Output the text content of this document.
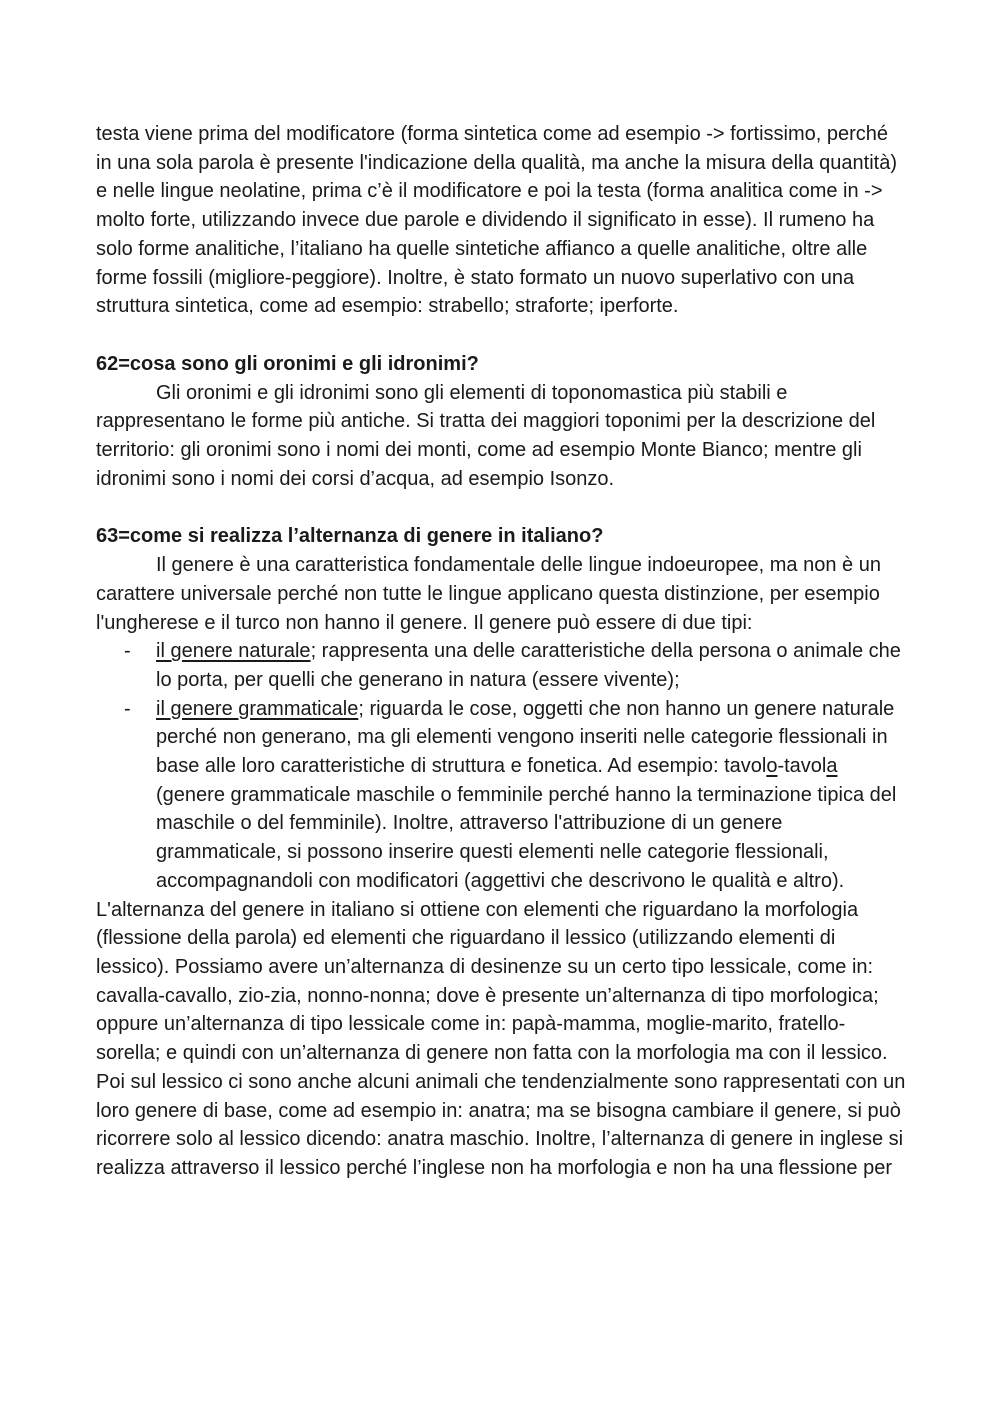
testa viene prima del modificatore (forma sintetica come ad esempio -> fortissimo, perché in una sola parola è presente l'indicazione della qualità, ma anche la misura della quantità) e nelle lingue neolatine, prima c’è il modificatore e poi la testa (forma analitica come in -> molto forte, utilizzando invece due parole e dividendo il significato in esse). Il rumeno ha solo forme analitiche, l’italiano ha quelle sintetiche affianco a quelle analitiche, oltre alle forme fossili (migliore-peggiore). Inoltre, è stato formato un nuovo superlativo con una struttura sintetica, come ad esempio: strabello; straforte; iperforte.

62=cosa sono gli oronimi e gli idronimi?

Gli oronimi e gli idronimi sono gli elementi di toponomastica più stabili e rappresentano le forme più antiche. Si tratta dei maggiori toponimi per la descrizione del territorio: gli oronimi sono i nomi dei monti, come ad esempio Monte Bianco; mentre gli idronimi sono i nomi dei corsi d’acqua, ad esempio Isonzo.

63=come si realizza l’alternanza di genere in italiano?

Il genere è una caratteristica fondamentale delle lingue indoeuropee, ma non è un carattere universale perché non tutte le lingue applicano questa distinzione, per esempio l'ungherese e il turco non hanno il genere. Il genere può essere di due tipi:

- il genere naturale; rappresenta una delle caratteristiche della persona o animale che lo porta, per quelli che generano in natura (essere vivente);
- il genere grammaticale; riguarda le cose, oggetti che non hanno un genere naturale perché non generano, ma gli elementi vengono inseriti nelle categorie flessionali in base alle loro caratteristiche di struttura e fonetica. Ad esempio: tavolo-tavola (genere grammaticale maschile o femminile perché hanno la terminazione tipica del maschile o del femminile). Inoltre, attraverso l'attribuzione di un genere grammaticale, si possono inserire questi elementi nelle categorie flessionali, accompagnandoli con modificatori (aggettivi che descrivono le qualità e altro).

L'alternanza del genere in italiano si ottiene con elementi che riguardano la morfologia (flessione della parola) ed elementi che riguardano il lessico (utilizzando elementi di lessico). Possiamo avere un’alternanza di desinenze su un certo tipo lessicale, come in: cavalla-cavallo, zio-zia, nonno-nonna; dove è presente un’alternanza di tipo morfologica; oppure un’alternanza di tipo lessicale come in: papà-mamma, moglie-marito, fratello-sorella; e quindi con un’alternanza di genere non fatta con la morfologia ma con il lessico. Poi sul lessico ci sono anche alcuni animali che tendenzialmente sono rappresentati con un loro genere di base, come ad esempio in: anatra; ma se bisogna cambiare il genere, si può ricorrere solo al lessico dicendo: anatra maschio. Inoltre, l’alternanza di genere in inglese si realizza attraverso il lessico perché l’inglese non ha morfologia e non ha una flessione per
